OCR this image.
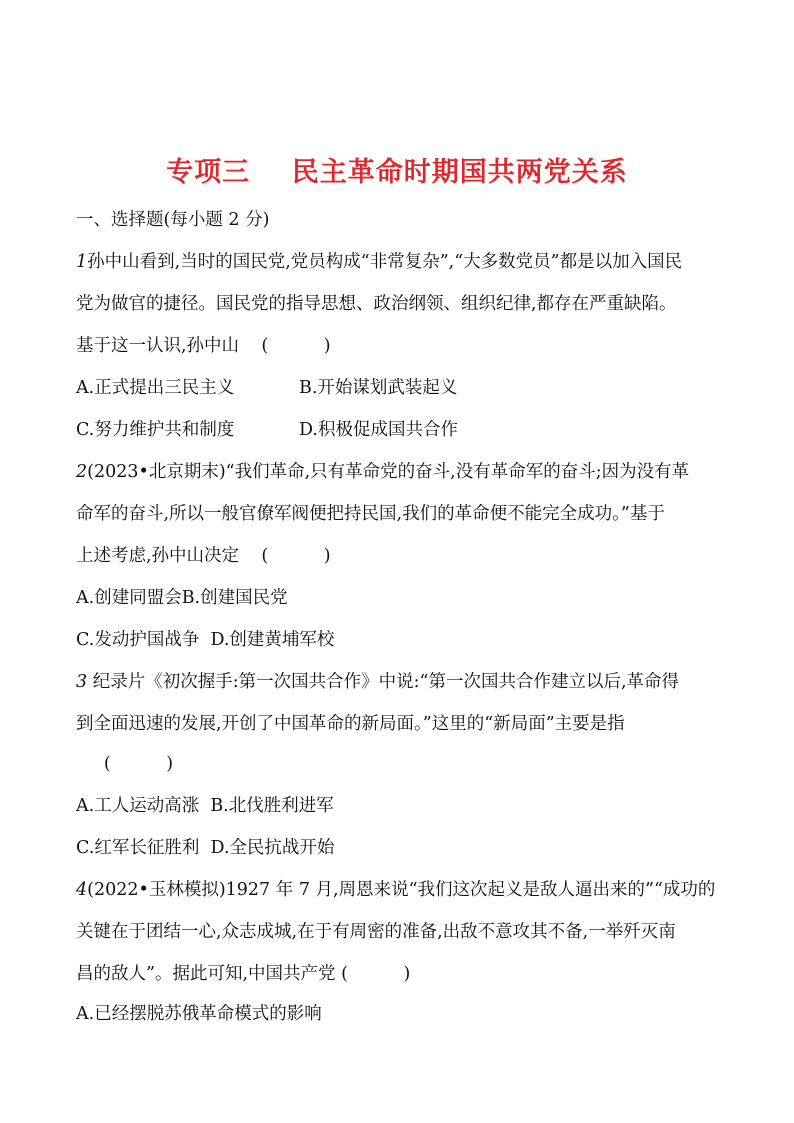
专项三    民主革命时期国共两党关系
一、选择题(每小题 2 分)
1孙中山看到,当时的国民党,党员构成“非常复杂”,“大多数党员”都是以加入国民
党为做官的捷径。国民党的指导思想、政治纲领、组织纪律,都存在严重缺陷。
基于这一认识,孙中山    (          )
A.正式提出三民主义	B.开始谋划武装起义
C.努力维护共和制度	D.积极促成国共合作
2(2023•北京期末)“我们革命,只有革命党的奋斗,没有革命军的奋斗;因为没有革
命军的奋斗,所以一般官僚军阀便把持民国,我们的革命便不能完全成功。”基于
上述考虑,孙中山决定    (          )
A.创建同盟会B.创建国民党
C.发动护国战争  D.创建黄埔军校
3 纪录片《初次握手:第一次国共合作》中说:“第一次国共合作建立以后,革命得
到全面迅速的发展,开创了中国革命的新局面。”这里的“新局面”主要是指
(          )
A.工人运动高涨  B.北伐胜利进军
C.红军长征胜利  D.全民抗战开始
4(2022•玉林模拟)1927 年 7 月,周恩来说“我们这次起义是敌人逼出来的”“成功的
关键在于团结一心,众志成城,在于有周密的准备,出敌不意攻其不备,一举歼灭南
昌的敌人”。据此可知,中国共产党 (          )
A.已经摆脱苏俄革命模式的影响
